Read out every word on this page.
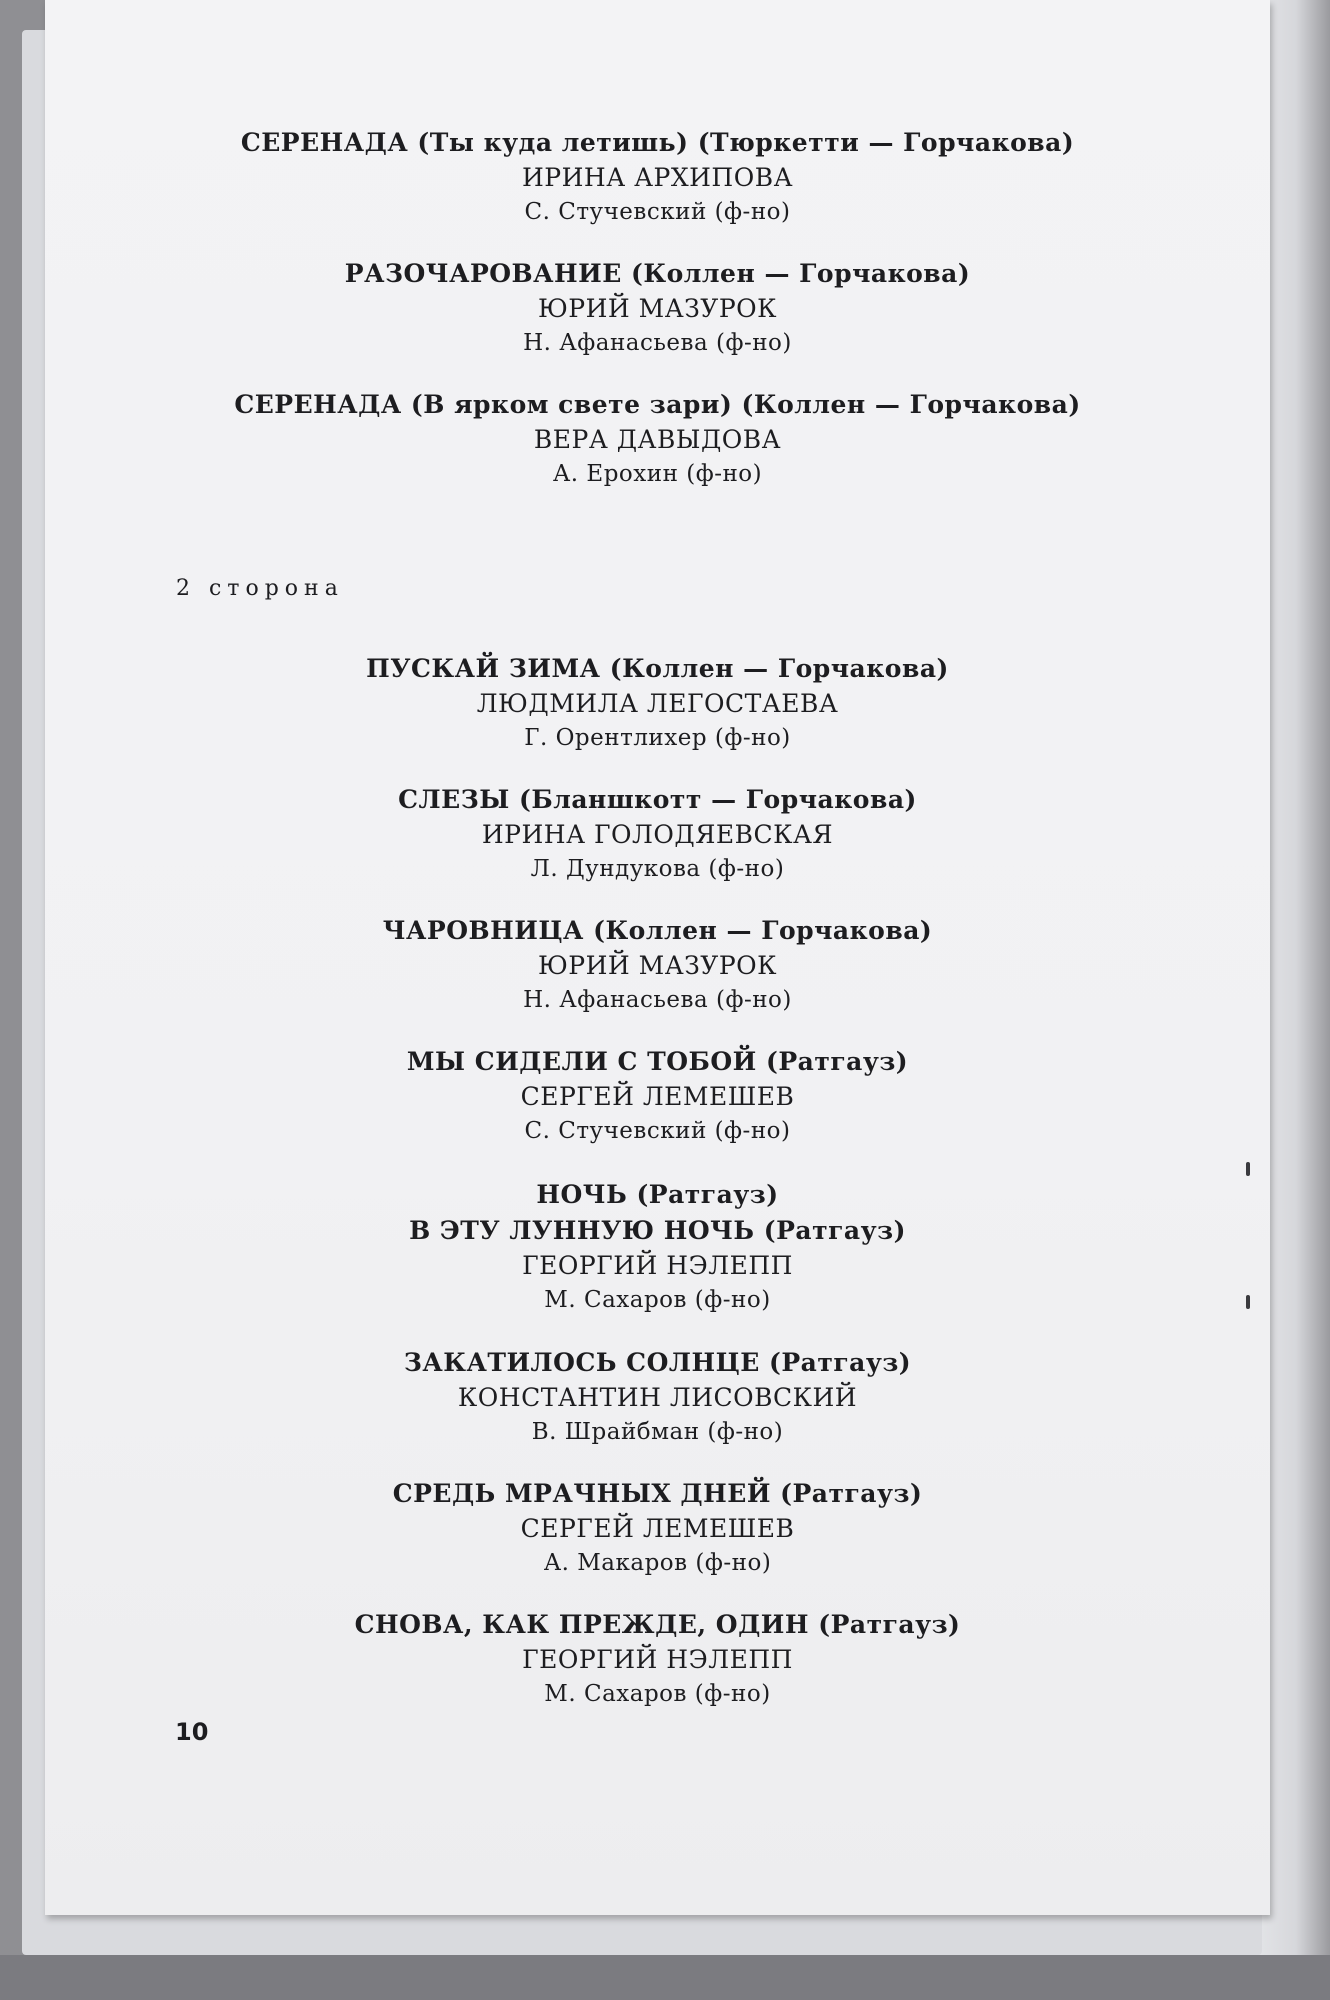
СЕРЕНАДА (Ты куда летишь) (Тюркетти — Горчакова)
ИРИНА АРХИПОВА
С. Стучевский (ф-но)
РАЗОЧАРОВАНИЕ (Коллен — Горчакова)
ЮРИЙ МАЗУРОК
Н. Афанасьева (ф-но)
СЕРЕНАДА (В ярком свете зари) (Коллен — Горчакова)
ВЕРА ДАВЫДОВА
А. Ерохин (ф-но)
2 сторона
ПУСКАЙ ЗИМА (Коллен — Горчакова)
ЛЮДМИЛА ЛЕГОСТАЕВА
Г. Орентлихер (ф-но)
СЛЕЗЫ (Бланшкотт — Горчакова)
ИРИНА ГОЛОДЯЕВСКАЯ
Л. Дундукова (ф-но)
ЧАРОВНИЦА (Коллен — Горчакова)
ЮРИЙ МАЗУРОК
Н. Афанасьева (ф-но)
МЫ СИДЕЛИ С ТОБОЙ (Ратгауз)
СЕРГЕЙ ЛЕМЕШЕВ
С. Стучевский (ф-но)
НОЧЬ (Ратгауз)
В ЭТУ ЛУННУЮ НОЧЬ (Ратгауз)
ГЕОРГИЙ НЭЛЕПП
М. Сахаров (ф-но)
ЗАКАТИЛОСЬ СОЛНЦЕ (Ратгауз)
КОНСТАНТИН ЛИСОВСКИЙ
В. Шрайбман (ф-но)
СРЕДЬ МРАЧНЫХ ДНЕЙ (Ратгауз)
СЕРГЕЙ ЛЕМЕШЕВ
А. Макаров (ф-но)
СНОВА, КАК ПРЕЖДЕ, ОДИН (Ратгауз)
ГЕОРГИЙ НЭЛЕПП
М. Сахаров (ф-но)
10
